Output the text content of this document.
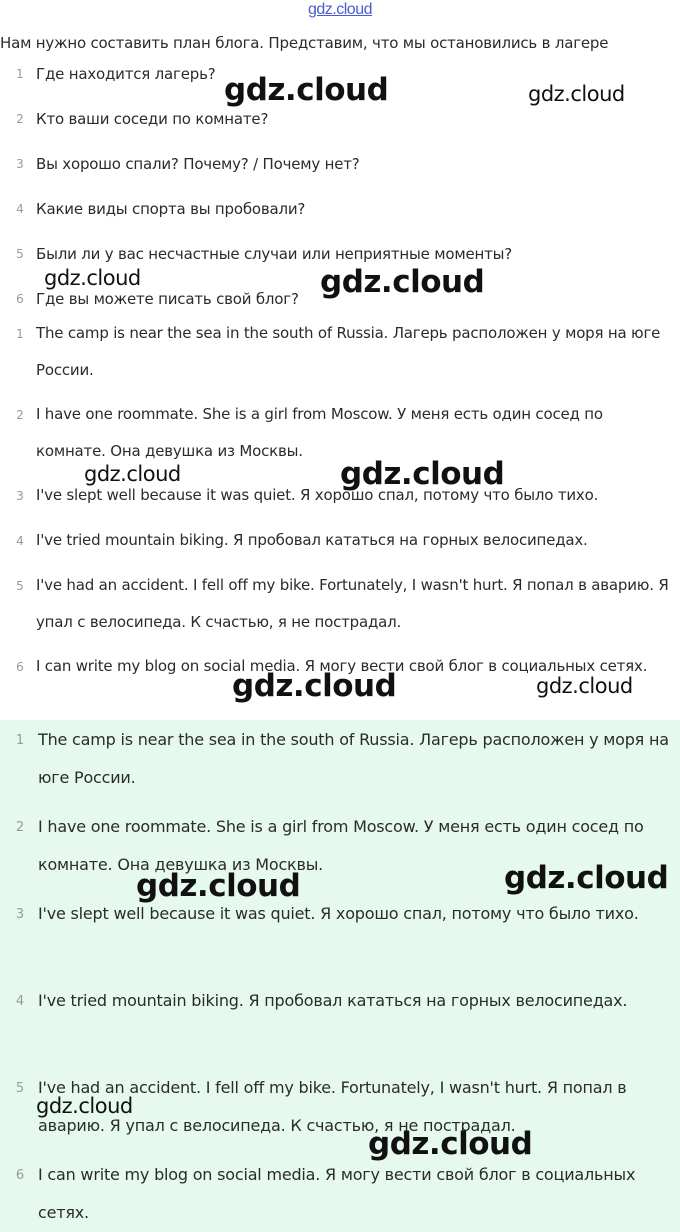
gdz.cloud
Нам нужно составить план блога. Представим, что мы остановились в лагере
1 Где находится лагерь?
2 Кто ваши соседи по комнате?
3 Вы хорошо спали? Почему? / Почему нет?
4 Какие виды спорта вы пробовали?
5 Были ли у вас несчастные случаи или неприятные моменты?
6 Где вы можете писать свой блог?
1 The camp is near the sea in the south of Russia. Лагерь расположен у моря на юге России.
2 I have one roommate. She is a girl from Moscow. У меня есть один сосед по комнате. Она девушка из Москвы.
3 I've slept well because it was quiet. Я хорошо спал, потому что было тихо.
4 I've tried mountain biking. Я пробовал кататься на горных велосипедах.
5 I've had an accident. I fell off my bike. Fortunately, I wasn't hurt. Я попал в аварию. Я упал с велосипеда. К счастью, я не пострадал.
6 I can write my blog on social media. Я могу вести свой блог в социальных сетях.
1 The camp is near the sea in the south of Russia. Лагерь расположен у моря на юге России.
2 I have one roommate. She is a girl from Moscow. У меня есть один сосед по комнате. Она девушка из Москвы.
3 I've slept well because it was quiet. Я хорошо спал, потому что было тихо.
4 I've tried mountain biking. Я пробовал кататься на горных велосипедах.
5 I've had an accident. I fell off my bike. Fortunately, I wasn't hurt. Я попал в аварию. Я упал с велосипеда. К счастью, я не пострадал.
6 I can write my blog on social media. Я могу вести свой блог в социальных сетях.
gdz.cloud	gdz.cloud
gdz.cloud	gdz.cloud
gdz.cloud	gdz.cloud
gdz.cloud	gdz.cloud
gdz.cloud	gdz.cloud
gdz.cloud
gdz.cloud
